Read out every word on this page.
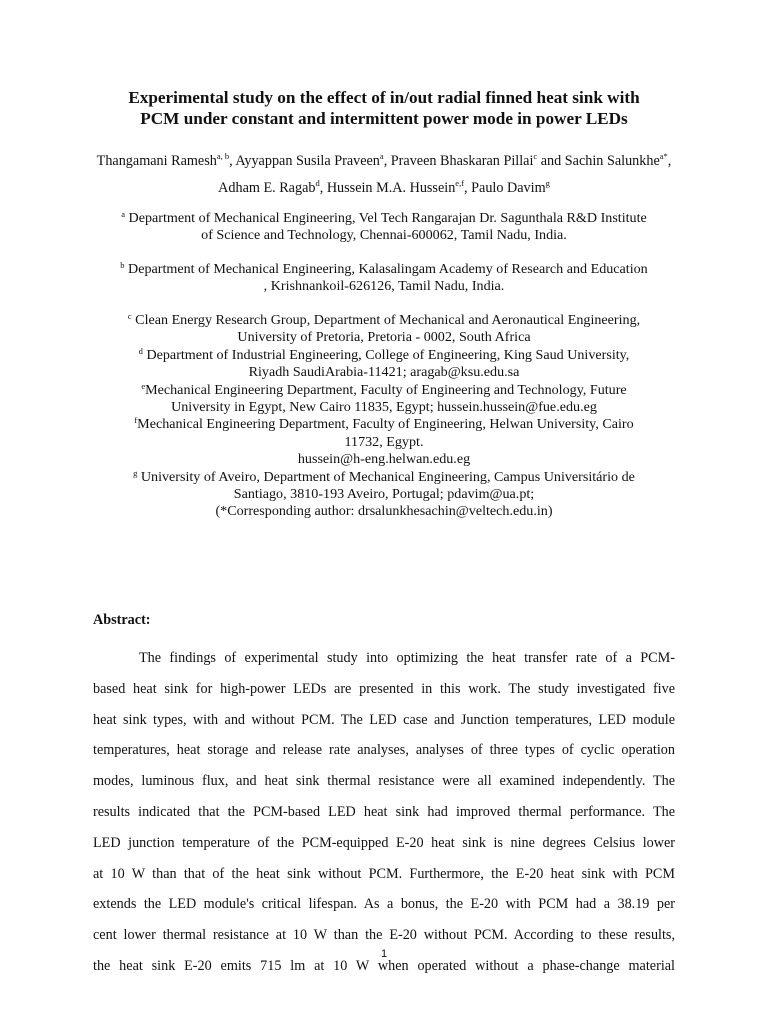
Experimental study on the effect of in/out radial finned heat sink with
PCM under constant and intermittent power mode in power LEDs
Thangamani Ramesh$^{a, b}$, Ayyappan Susila Praveen$^a$, Praveen Bhaskaran Pillai$^c$ and Sachin Salunkhe$^{a*}$, Adham E. Ragab$^d$, Hussein M.A. Hussein$^{e,f}$, Paulo Davim$^g$
$^a$ Department of Mechanical Engineering, Vel Tech Rangarajan Dr. Sagunthala R&D Institute
of Science and Technology, Chennai-600062, Tamil Nadu, India.
$^b$ Department of Mechanical Engineering, Kalasalingam Academy of Research and Education
, Krishnankoil-626126, Tamil Nadu, India.
$^c$ Clean Energy Research Group, Department of Mechanical and Aeronautical Engineering,
University of Pretoria, Pretoria - 0002, South Africa
$^d$ Department of Industrial Engineering, College of Engineering, King Saud University,
Riyadh SaudiArabia-11421; aragab@ksu.edu.sa
$^e$Mechanical Engineering Department, Faculty of Engineering and Technology, Future
University in Egypt, New Cairo 11835, Egypt; hussein.hussein@fue.edu.eg
$^f$Mechanical Engineering Department, Faculty of Engineering, Helwan University, Cairo
11732, Egypt.
hussein@h-eng.helwan.edu.eg
$^g$ University of Aveiro, Department of Mechanical Engineering, Campus Universitário de
Santiago, 3810-193 Aveiro, Portugal; pdavim@ua.pt;
(*Corresponding author: drsalunkhesachin@veltech.edu.in)
Abstract:
The findings of experimental study into optimizing the heat transfer rate of a PCM-
based heat sink for high-power LEDs are presented in this work. The study investigated five
heat sink types, with and without PCM. The LED case and Junction temperatures, LED module
temperatures, heat storage and release rate analyses, analyses of three types of cyclic operation
modes, luminous flux, and heat sink thermal resistance were all examined independently. The
results indicated that the PCM-based LED heat sink had improved thermal performance. The
LED junction temperature of the PCM-equipped E-20 heat sink is nine degrees Celsius lower
at 10 W than that of the heat sink without PCM. Furthermore, the E-20 heat sink with PCM
extends the LED module's critical lifespan. As a bonus, the E-20 with PCM had a 38.19 per
cent lower thermal resistance at 10 W than the E-20 without PCM. According to these results,
the heat sink E-20 emits 715 lm at 10 W when operated without a phase-change material
1
